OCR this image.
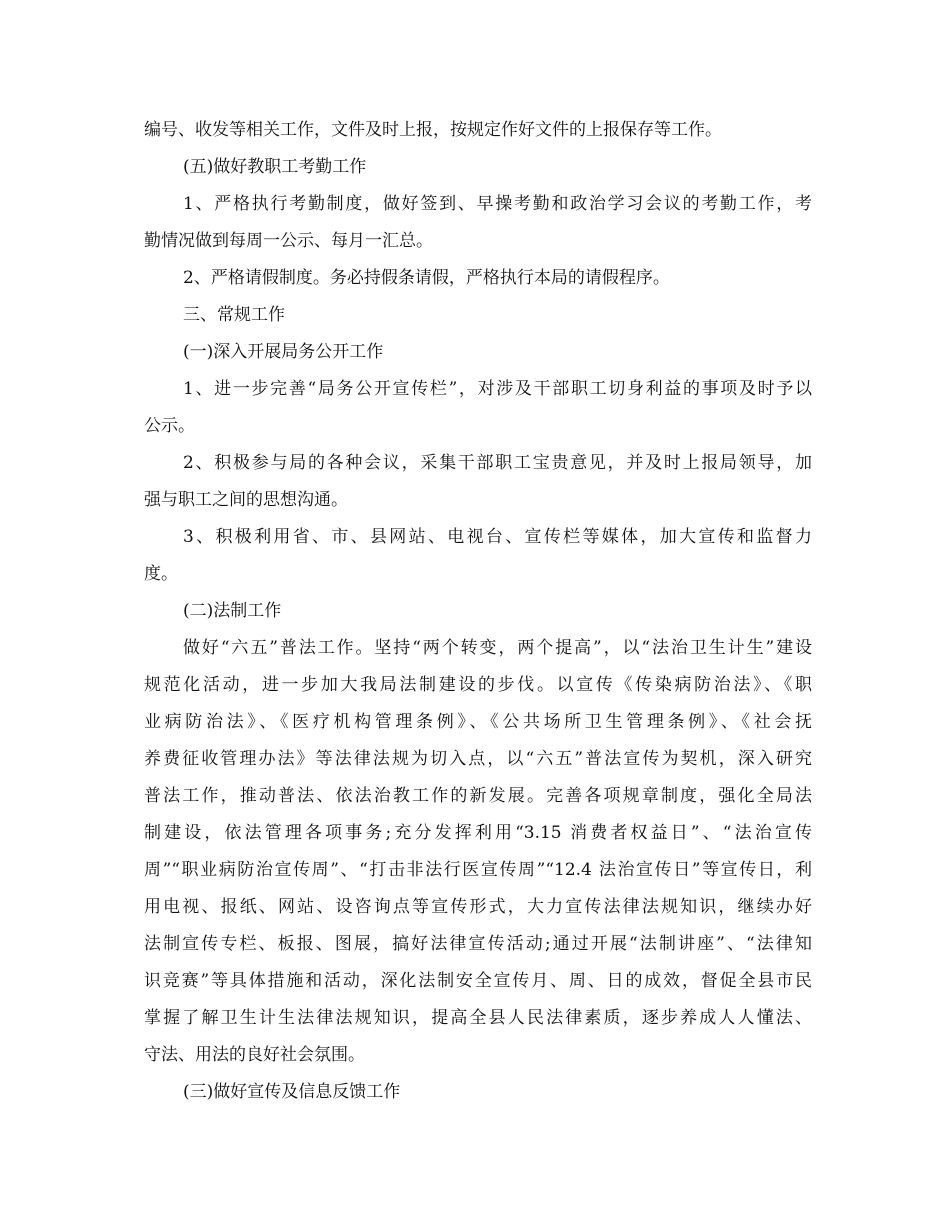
编号、收发等相关工作，文件及时上报，按规定作好文件的上报保存等工作。
(五)做好教职工考勤工作
1、严格执行考勤制度，做好签到、早操考勤和政治学习会议的考勤工作，考
勤情况做到每周一公示、每月一汇总。
2、严格请假制度。务必持假条请假，严格执行本局的请假程序。
三、常规工作
(一)深入开展局务公开工作
1、进一步完善“局务公开宣传栏”，对涉及干部职工切身利益的事项及时予以
公示。
2、积极参与局的各种会议，采集干部职工宝贵意见，并及时上报局领导，加
强与职工之间的思想沟通。
3、积极利用省、市、县网站、电视台、宣传栏等媒体，加大宣传和监督力
度。
(二)法制工作
做好“六五”普法工作。坚持“两个转变，两个提高”，以“法治卫生计生”建设
规范化活动，进一步加大我局法制建设的步伐。以宣传《传染病防治法》、《职
业病防治法》、《医疗机构管理条例》、《公共场所卫生管理条例》、《社会抚
养费征收管理办法》等法律法规为切入点，以“六五”普法宣传为契机，深入研究
普法工作，推动普法、依法治教工作的新发展。完善各项规章制度，强化全局法
制建设，依法管理各项事务;充分发挥利用“3.15 消费者权益日”、“法治宣传
周”“职业病防治宣传周”、“打击非法行医宣传周”“12.4 法治宣传日”等宣传日，利
用电视、报纸、网站、设咨询点等宣传形式，大力宣传法律法规知识，继续办好
法制宣传专栏、板报、图展，搞好法律宣传活动;通过开展“法制讲座”、“法律知
识竞赛”等具体措施和活动，深化法制安全宣传月、周、日的成效，督促全县市民
掌握了解卫生计生法律法规知识，提高全县人民法律素质，逐步养成人人懂法、
守法、用法的良好社会氛围。
(三)做好宣传及信息反馈工作
